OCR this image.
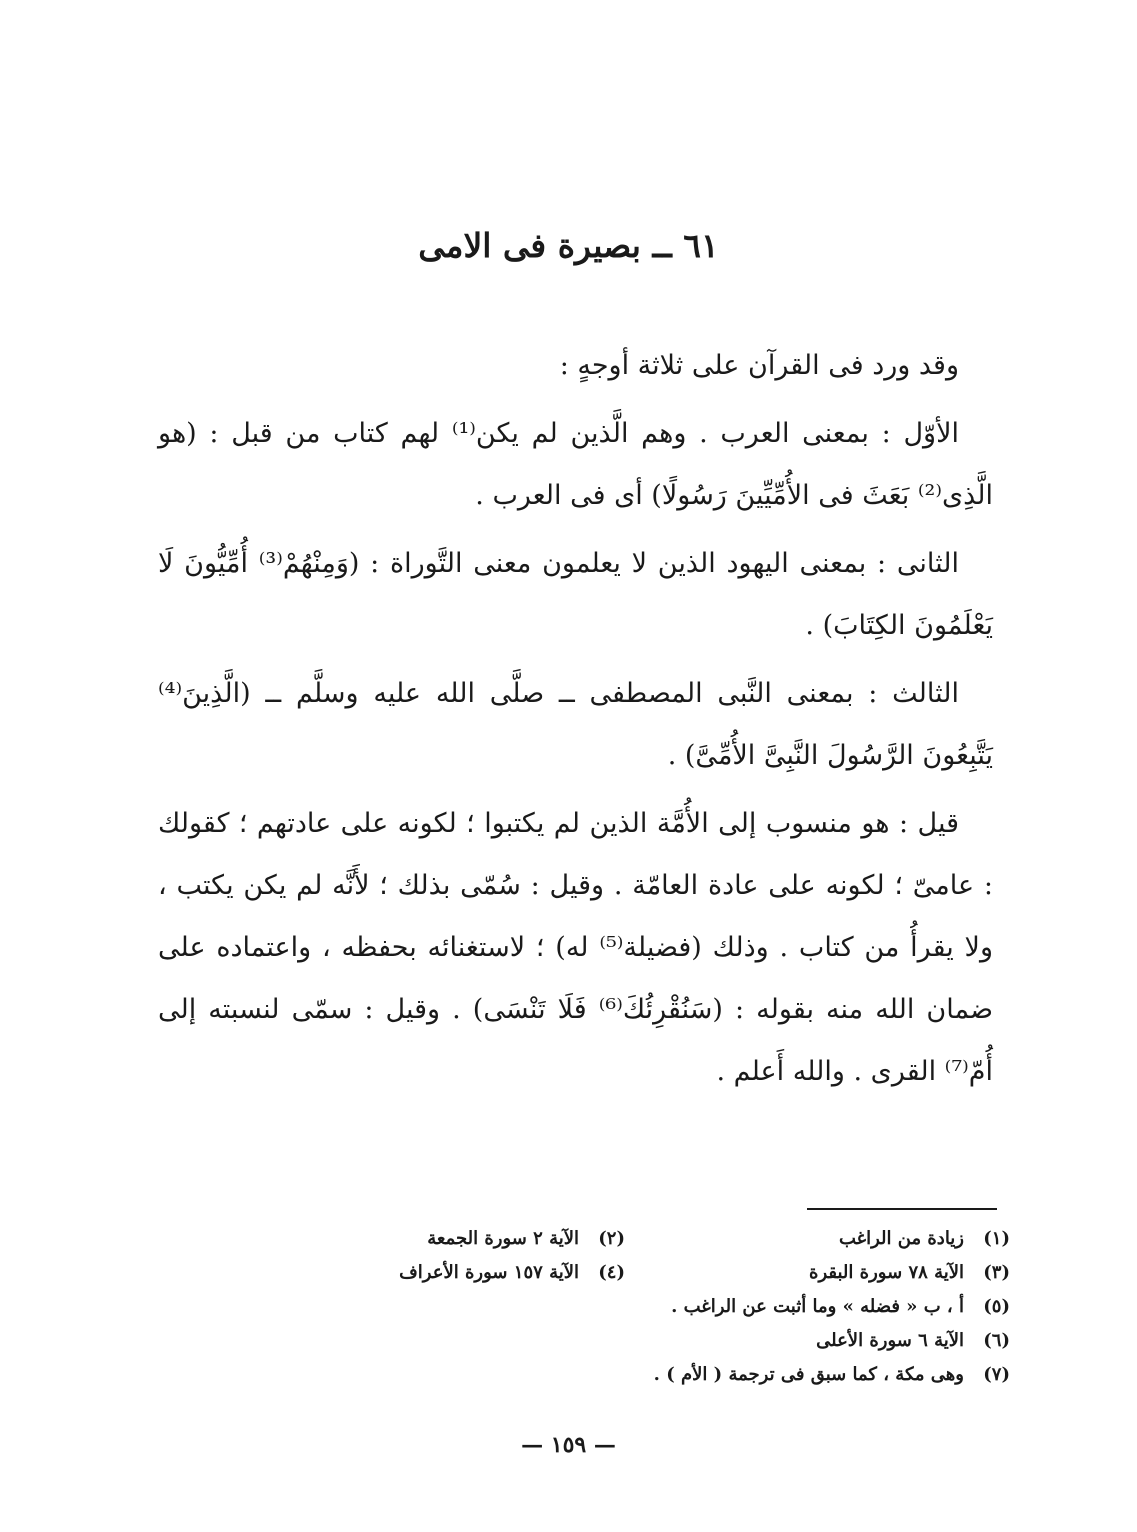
٦١ ــ بصيرة فى الامى

وقد ورد فى القرآن على ثلاثة أوجهٍ :

الأوّل : بمعنى العرب . وهم الَّذين لم يكن⁽¹⁾ لهم كتاب من قبل : (هو الَّذِى⁽²⁾ بَعَثَ فى الأُمِّيِّينَ رَسُولًا) أى فى العرب .

الثانى : بمعنى اليهود الذين لا يعلمون معنى التَّوراة : (وَمِنْهُمْ⁽³⁾ أُمِّيُّونَ لَا يَعْلَمُونَ الكِتَابَ) .

الثالث : بمعنى النَّبى المصطفى ــ صلَّى الله عليه وسلَّم ــ (الَّذِينَ⁽⁴⁾ يَتَّبِعُونَ الرَّسُولَ النَّبِىَّ الأُمِّىَّ) .

قيل : هو منسوب إلى الأُمَّة الذين لم يكتبوا ؛ لكونه على عادتهم ؛ كقولك : عامىّ ؛ لكونه على عادة العامّة . وقيل : سُمّى بذلك ؛ لأَنَّه لم يكن يكتب ، ولا يقرأُ من كتاب . وذلك (فضيلة⁽⁵⁾ له) ؛ لاستغنائه بحفظه ، واعتماده على ضمان الله منه بقوله : (سَنُقْرِئُكَ⁽⁶⁾ فَلَا تَنْسَى) . وقيل : سمّى لنسبته إلى أُمّ⁽⁷⁾ القرى . والله أَعلم .

(١)
زيادة من الراغب
(٢)
الآية ٢ سورة الجمعة
(٣)
الآية ٧٨ سورة البقرة
(٤)
الآية ١٥٧ سورة الأعراف
(٥)
أ ، ب « فضله » وما أثبت عن الراغب .
(٦)
الآية ٦ سورة الأعلى
(٧)
وهى مكة ، كما سبق فى ترجمة ( الأم ) .
— ١٥٩ —
